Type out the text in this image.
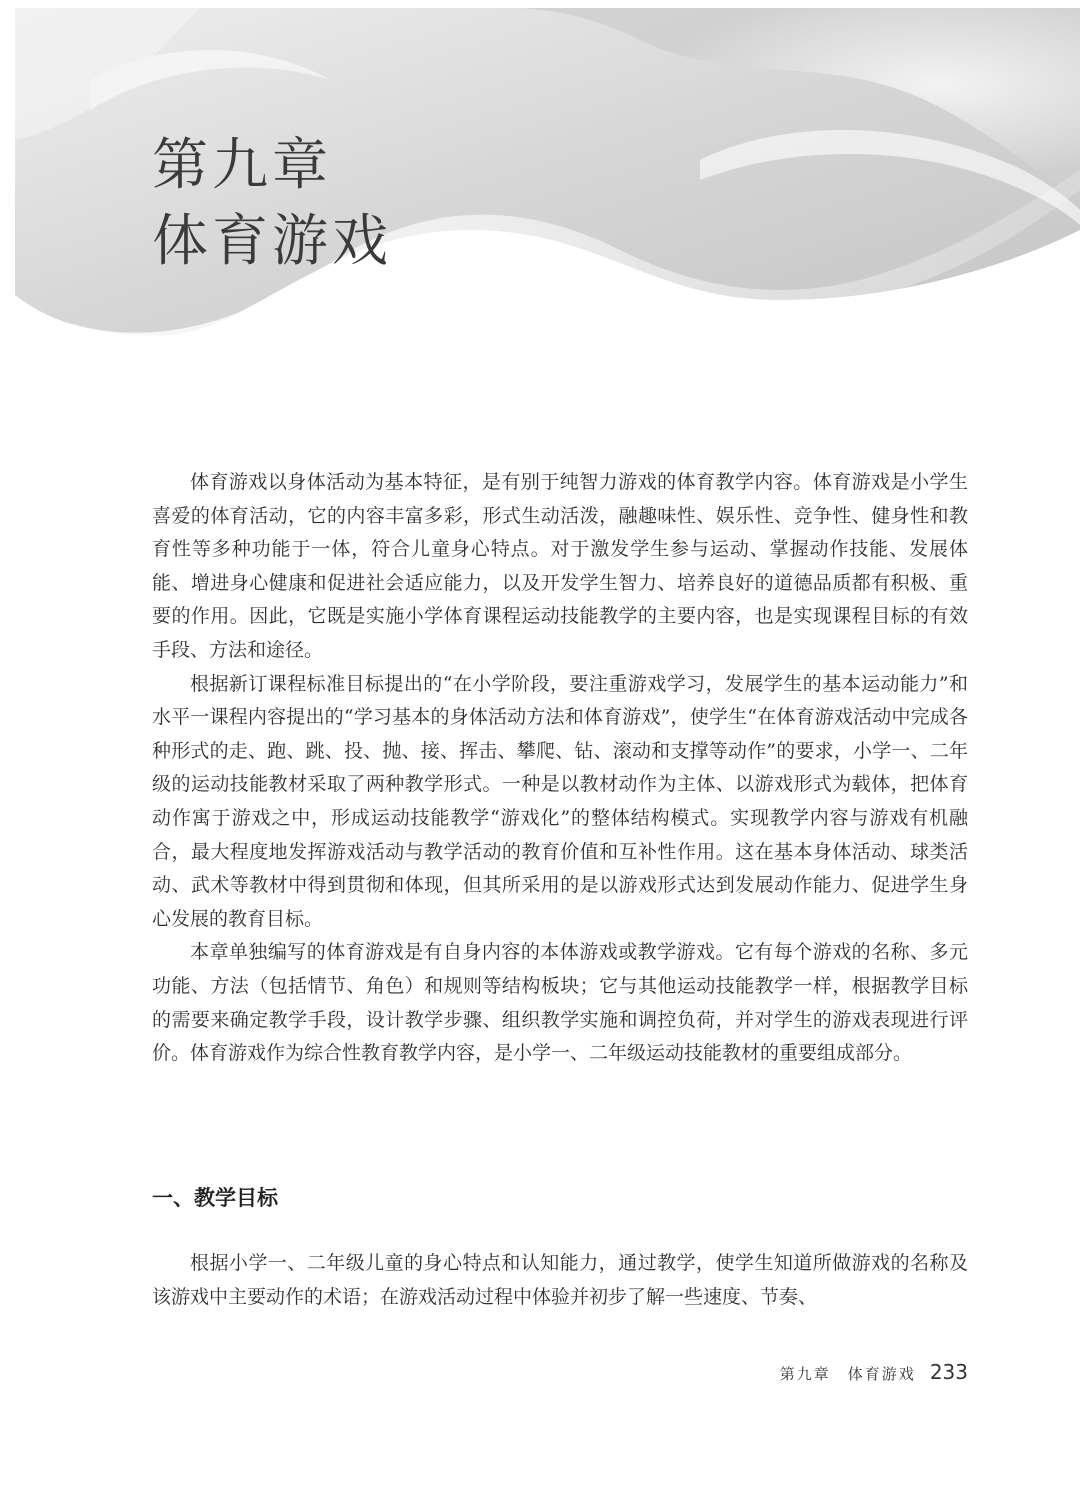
第九章
体育游戏

体育游戏以身体活动为基本特征，是有别于纯智力游戏的体育教学内容。体育游戏是小学生喜爱的体育活动，它的内容丰富多彩，形式生动活泼，融趣味性、娱乐性、竞争性、健身性和教育性等多种功能于一体，符合儿童身心特点。对于激发学生参与运动、掌握动作技能、发展体能、增进身心健康和促进社会适应能力，以及开发学生智力、培养良好的道德品质都有积极、重要的作用。因此，它既是实施小学体育课程运动技能教学的主要内容，也是实现课程目标的有效手段、方法和途径。

根据新订课程标准目标提出的“在小学阶段，要注重游戏学习，发展学生的基本运动能力”和水平一课程内容提出的“学习基本的身体活动方法和体育游戏”，使学生“在体育游戏活动中完成各种形式的走、跑、跳、投、抛、接、挥击、攀爬、钻、滚动和支撑等动作”的要求，小学一、二年级的运动技能教材采取了两种教学形式。一种是以教材动作为主体、以游戏形式为载体，把体育动作寓于游戏之中，形成运动技能教学“游戏化”的整体结构模式。实现教学内容与游戏有机融合，最大程度地发挥游戏活动与教学活动的教育价值和互补性作用。这在基本身体活动、球类活动、武术等教材中得到贯彻和体现，但其所采用的是以游戏形式达到发展动作能力、促进学生身心发展的教育目标。

本章单独编写的体育游戏是有自身内容的本体游戏或教学游戏。它有每个游戏的名称、多元功能、方法（包括情节、角色）和规则等结构板块；它与其他运动技能教学一样，根据教学目标的需要来确定教学手段，设计教学步骤、组织教学实施和调控负荷，并对学生的游戏表现进行评价。体育游戏作为综合性教育教学内容，是小学一、二年级运动技能教材的重要组成部分。

一、教学目标

根据小学一、二年级儿童的身心特点和认知能力，通过教学，使学生知道所做游戏的名称及该游戏中主要动作的术语；在游戏活动过程中体验并初步了解一些速度、节奏、

第九章　体育游戏 233
